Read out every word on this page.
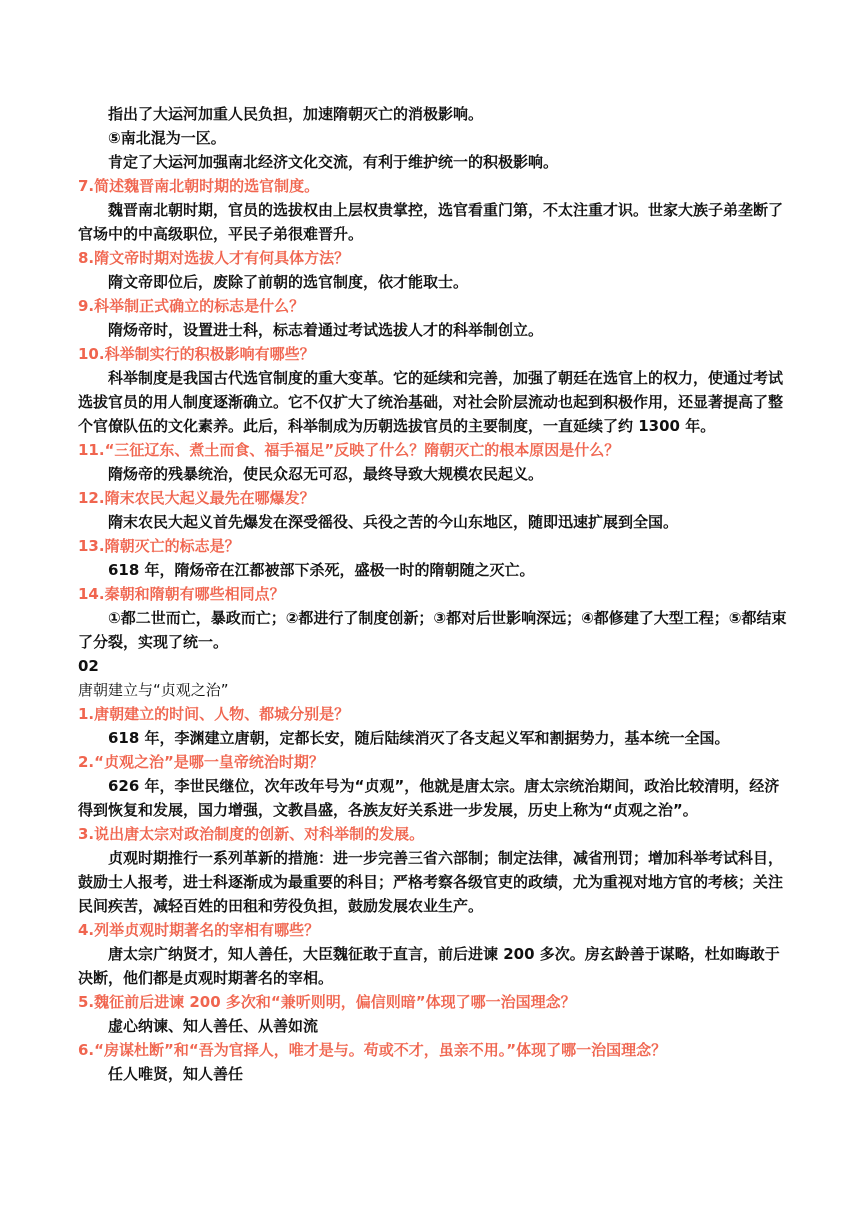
指出了大运河加重人民负担，加速隋朝灭亡的消极影响。
⑤南北混为一区。
肯定了大运河加强南北经济文化交流，有利于维护统一的积极影响。
7.简述魏晋南北朝时期的选官制度。
魏晋南北朝时期，官员的选拔权由上层权贵掌控，选官看重门第，不太注重才识。世家大族子弟垄断了官场中的中高级职位，平民子弟很难晋升。
8.隋文帝时期对选拔人才有何具体方法？
隋文帝即位后，废除了前朝的选官制度，依才能取士。
9.科举制正式确立的标志是什么？
隋炀帝时，设置进士科，标志着通过考试选拔人才的科举制创立。
10.科举制实行的积极影响有哪些？
科举制度是我国古代选官制度的重大变革。它的延续和完善，加强了朝廷在选官上的权力，使通过考试选拔官员的用人制度逐渐确立。它不仅扩大了统治基础，对社会阶层流动也起到积极作用，还显著提高了整个官僚队伍的文化素养。此后，科举制成为历朝选拔官员的主要制度，一直延续了约 1300 年。
11.“三征辽东、煮土而食、福手福足”反映了什么？隋朝灭亡的根本原因是什么？
隋炀帝的残暴统治，使民众忍无可忍，最终导致大规模农民起义。
12.隋末农民大起义最先在哪爆发？
隋末农民大起义首先爆发在深受徭役、兵役之苦的今山东地区，随即迅速扩展到全国。
13.隋朝灭亡的标志是？
618 年，隋炀帝在江都被部下杀死，盛极一时的隋朝随之灭亡。
14.秦朝和隋朝有哪些相同点？
①都二世而亡，暴政而亡；②都进行了制度创新；③都对后世影响深远；④都修建了大型工程；⑤都结束了分裂，实现了统一。
02
唐朝建立与“贞观之治”
1.唐朝建立的时间、人物、都城分别是？
618 年，李渊建立唐朝，定都长安，随后陆续消灭了各支起义军和割据势力，基本统一全国。
2.“贞观之治”是哪一皇帝统治时期？
626 年，李世民继位，次年改年号为“贞观”，他就是唐太宗。唐太宗统治期间，政治比较清明，经济得到恢复和发展，国力增强，文教昌盛，各族友好关系进一步发展，历史上称为“贞观之治”。
3.说出唐太宗对政治制度的创新、对科举制的发展。
贞观时期推行一系列革新的措施：进一步完善三省六部制；制定法律，减省刑罚；增加科举考试科目，鼓励士人报考，进士科逐渐成为最重要的科目；严格考察各级官吏的政绩，尤为重视对地方官的考核；关注民间疾苦，减轻百姓的田租和劳役负担，鼓励发展农业生产。
4.列举贞观时期著名的宰相有哪些？
唐太宗广纳贤才，知人善任，大臣魏征敢于直言，前后进谏 200 多次。房玄龄善于谋略，杜如晦敢于决断，他们都是贞观时期著名的宰相。
5.魏征前后进谏 200 多次和“兼听则明，偏信则暗”体现了哪一治国理念？
虚心纳谏、知人善任、从善如流
6.“房谋杜断”和“吾为官择人，唯才是与。苟或不才，虽亲不用。”体现了哪一治国理念？
任人唯贤，知人善任
